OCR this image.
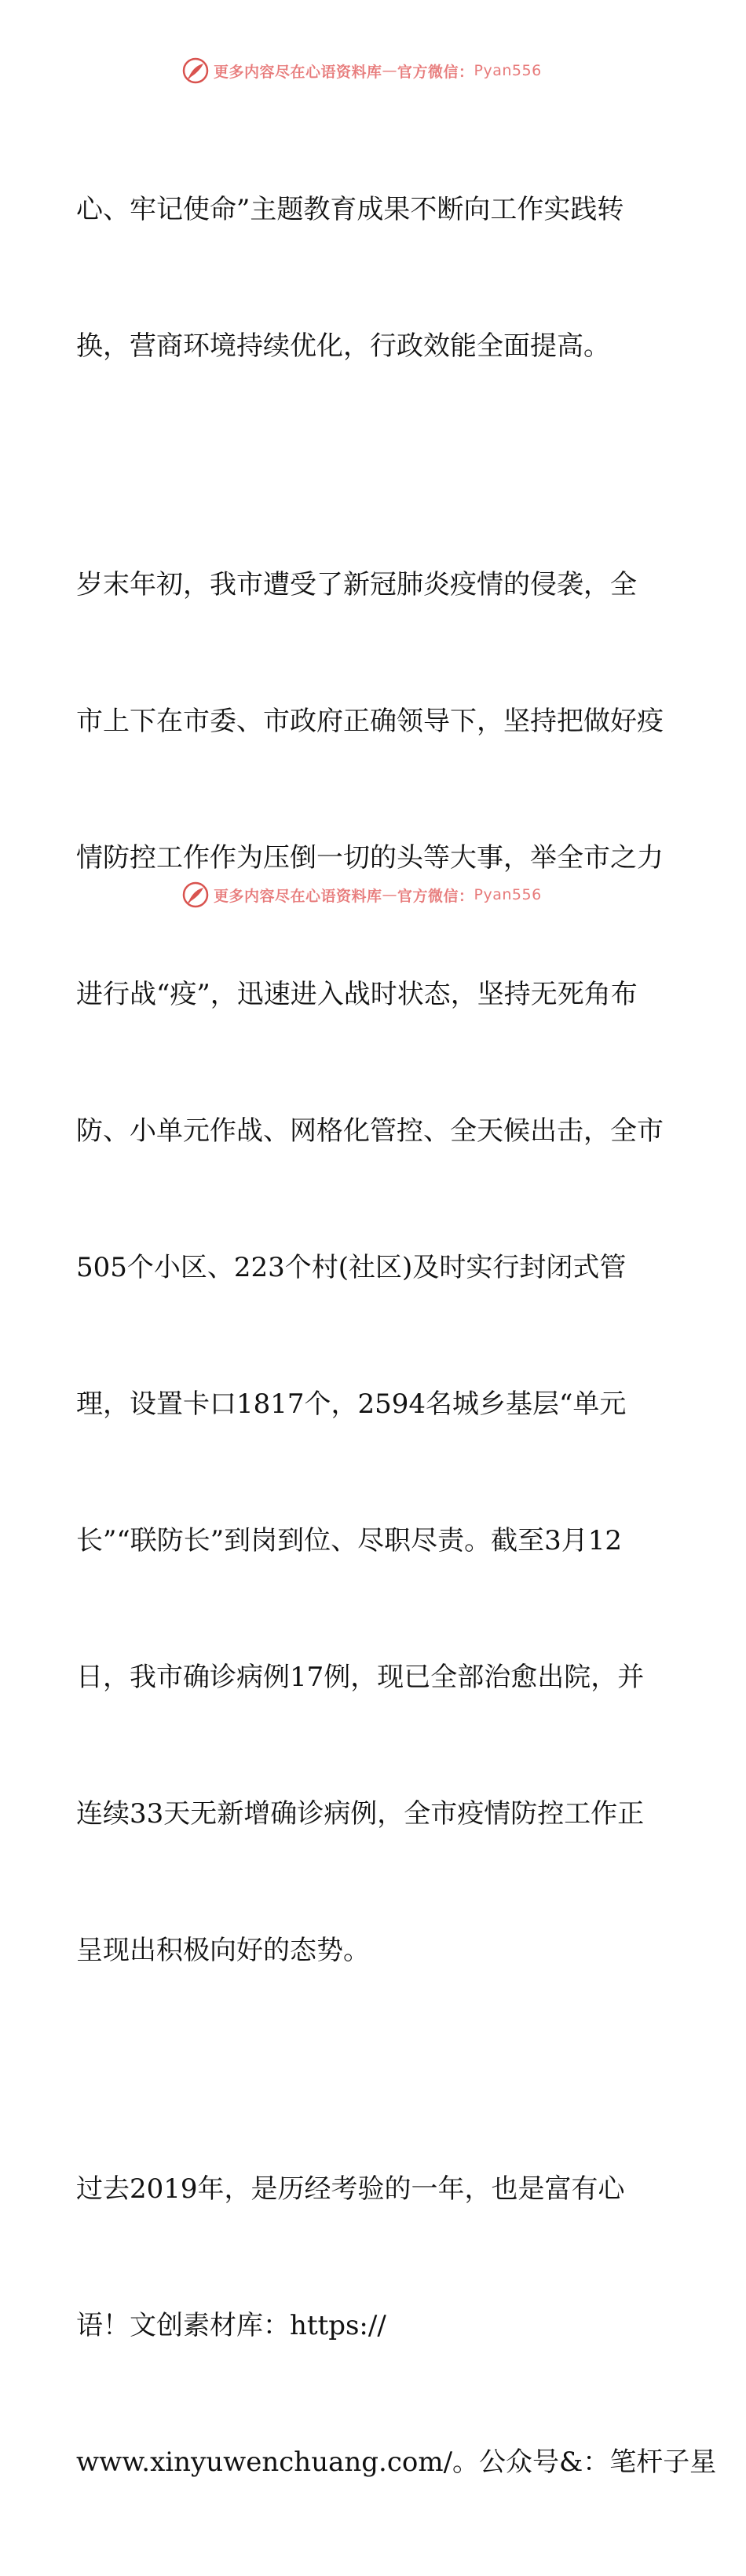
更多内容尽在心语资料库 — 官方微信： Pyan556

心、牢记使命”主题教育成果不断向工作实践转

换，营商环境持续优化，行政效能全面提高。

岁末年初，我市遭受了新冠肺炎疫情的侵袭，全

市上下在市委、市政府正确领导下，坚持把做好疫

情防控工作作为压倒一切的头等大事，举全市之力

进行战“疫”，迅速进入战时状态，坚持无死角布

防、小单元作战、网格化管控、全天候出击，全市

505个小区、223个村(社区)及时实行封闭式管

理，设置卡口1817个，2594名城乡基层“单元

长”“联防长”到岗到位、尽职尽责。截至3月12

日，我市确诊病例17例，现已全部治愈出院，并

连续33天无新增确诊病例，全市疫情防控工作正

呈现出积极向好的态势。

过去2019年，是历经考验的一年，也是富有心

语！文创素材库：https://

www.xinyuwenchuang.com/。公众号&：笔杆子星

更多内容尽在心语资料库 — 官方微信： Pyan556
